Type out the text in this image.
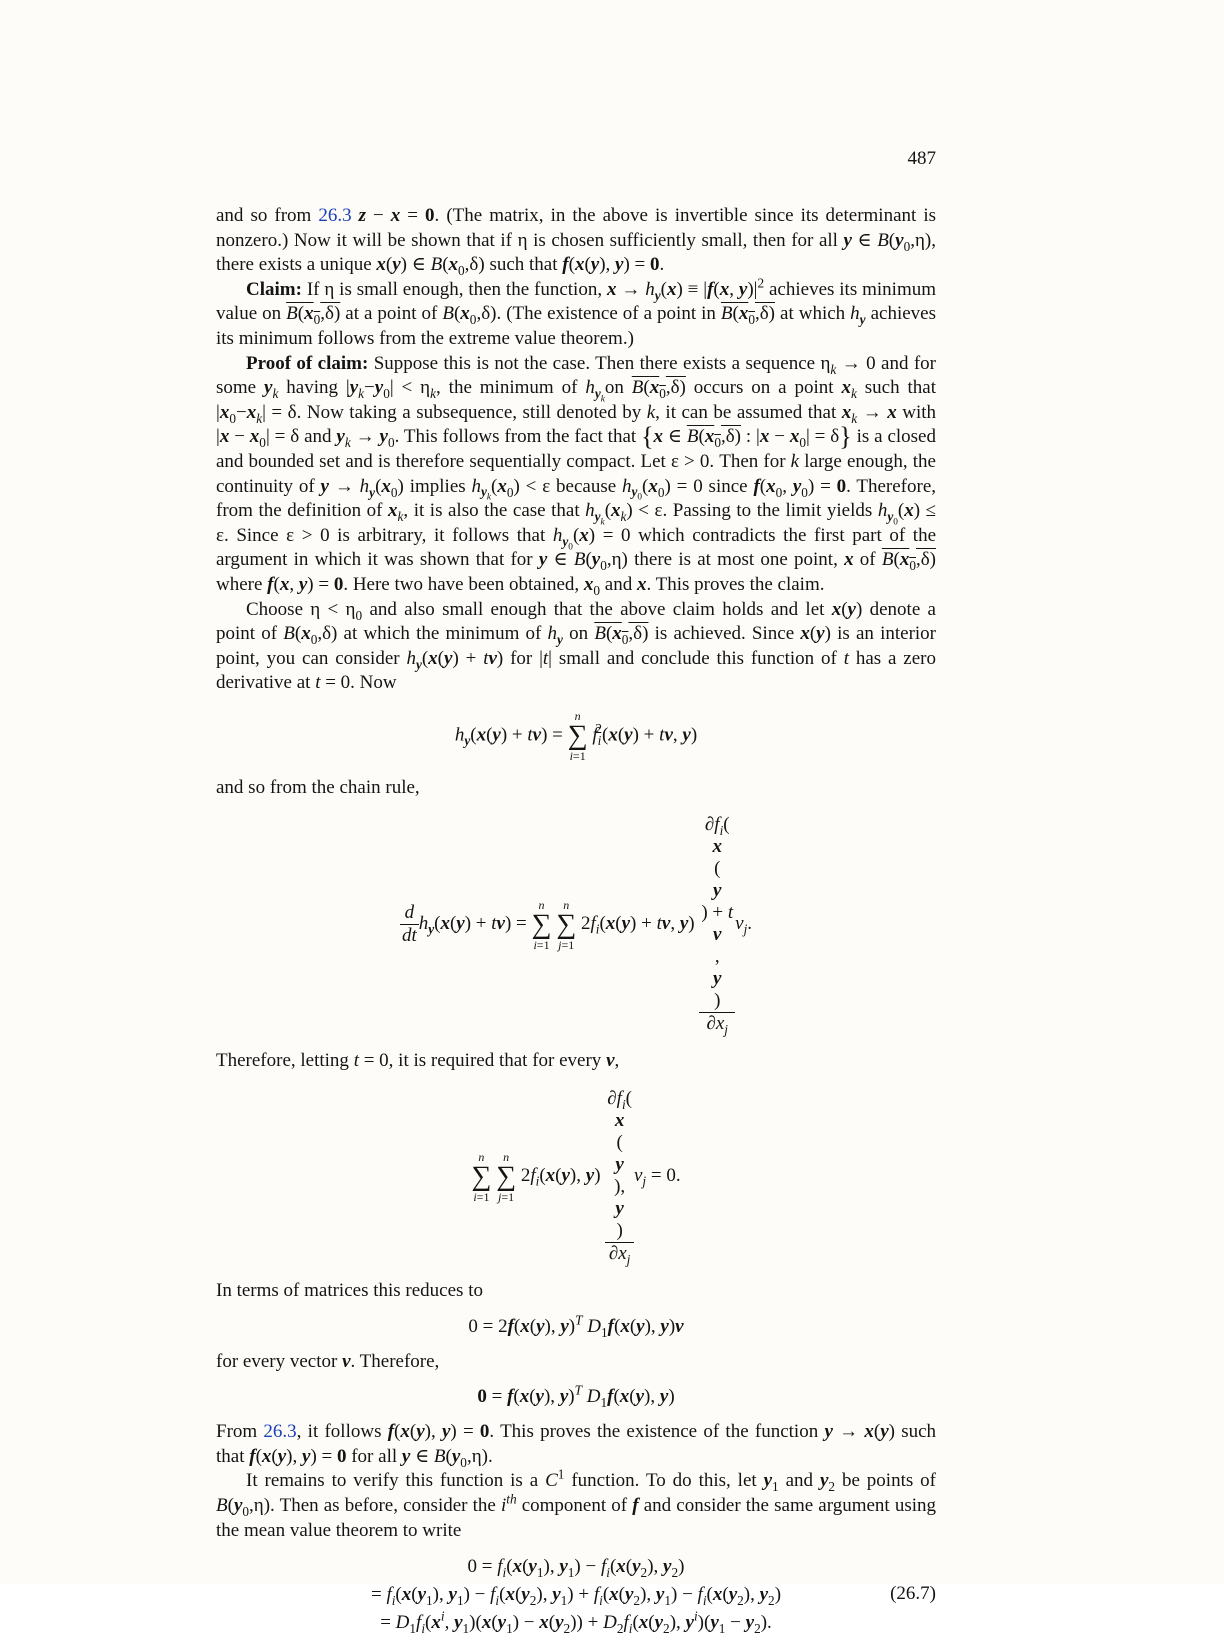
487

and so from 26.3 z − x = 0. (The matrix, in the above is invertible since its determinant is nonzero.) Now it will be shown that if η is chosen sufficiently small, then for all y ∈ $B(y_0,\eta)$, there exists a unique x(y) ∈ $B(x_0,\delta)$ such that f(x(y), y) = 0.

Claim: If η is small enough, then the function, $x \to h_y(x) \equiv |f(x$, $y)|^2$ achieves its minimum value on $B(x_0,\delta)$ at a point of $B(x_0,\delta)$. (The existence of a point in $B(x_0,\delta)$ at which $h_y$ achieves its minimum follows from the extreme value theorem.)

Proof of claim: Suppose this is not the case. Then there exists a sequence $\eta_k \to 0$ and for some $y_k$ having $|y_k-y_0| < \eta_k$, the minimum of $h_{y_k}on$ $B(x_0,\delta)$ occurs on a point $x_k$ such that $|x_0-x_k| = \delta$. Now taking a subsequence, still denoted by k, it can be assumed that $x_k \to x$ with $|x - x_0| = \delta$ and $y_k \to y_0$. This follows from the fact that {x ∈ $B(x_0,\delta)$ : $|x - x_0| = \delta$} is a closed and bounded set and is therefore sequentially compact. Let ε > 0. Then for k large enough, the continuity of $y \to h_y(x_0)$ implies $h_{y_k}(x_0) < \varepsilon$ because $h_{y_0}(x_0) = 0$ since $f(x_0$, $y_0) = 0$. Therefore, from the definition of $x_k$, it is also the case that $h_{y_k}(x_k) < \varepsilon$. Passing to the limit yields $h_{y_0}(x) \le \varepsilon$. Since ε > 0 is arbitrary, it follows that $h_{y_0}(x) = 0$ which contradicts the first part of the argument in which it was shown that for y ∈ $B(y_0,\eta)$ there is at most one point, x of $B(x_0,\delta)$ where f(x, y) = 0. Here two have been obtained, $x_0$ and x. This proves the claim.

Choose $\eta < \eta_0$ and also small enough that the above claim holds and let x(y) denote a point of $B(x_0,\delta)$ at which the minimum of $h_y$ on $B(x_0,\delta)$ is achieved. Since x(y) is an interior point, you can consider $h_y(x(y) + tv)$ for |t| small and conclude this function of t has a zero derivative at t = 0. Now

$h_y(x(y) + tv) = n$
∑
i=1 $f_i^2(x(y)$ + tv, y)

and so from the chain rule,

$\frac{d}{dt} h_y(x(y) + tv) = n$
∑
i=1 n
∑
j=1 $2f_i(x(y)$ + tv, y) $\partial f_i$(
x
(
y
) + t
v
,
y
)
$\partial x_j$ $v_j$.

Therefore, letting t = 0, it is required that for every v,

n
∑
i=1 n
∑
j=1 $2f_i(x(y)$, y) $\partial f_i$(
x
(
y
),
y
)
$\partial x_j$ $v_j = 0$.

In terms of matrices this reduces to

0 = 2f(x(y), y)$^T$ $D_1f(x(y)$, y)v

for every vector v. Therefore,

0 = f(x(y), y)$^T$ $D_1f(x(y)$, y)

From 26.3, it follows f(x(y), y) = 0. This proves the existence of the function y → x(y) such that f(x(y), y) = 0 for all y ∈ $B(y_0,\eta)$.

It remains to verify this function is a $C^1$ function. To do this, let $y_1$ and $y_2$ be points of $B(y_0,\eta)$. Then as before, consider the $i^{th}$ component of f and consider the same argument using the mean value theorem to write

(26.7)
$0 = f_i(x(y_1)$, $y_1) - f_i(x(y_2)$, $y_2$)
= $f_i(x(y_1)$, $y_1) - f_i(x(y_2)$, $y_1) + f_i(x(y_2)$, $y_1) - f_i(x(y_2)$, $y_2$)
= $D_1f_i(x^i$, $y_1)(x(y_1) - x(y_2)) + D_2f_i(x(y_2)$, $y^i)(y_1 - y_2)$.
